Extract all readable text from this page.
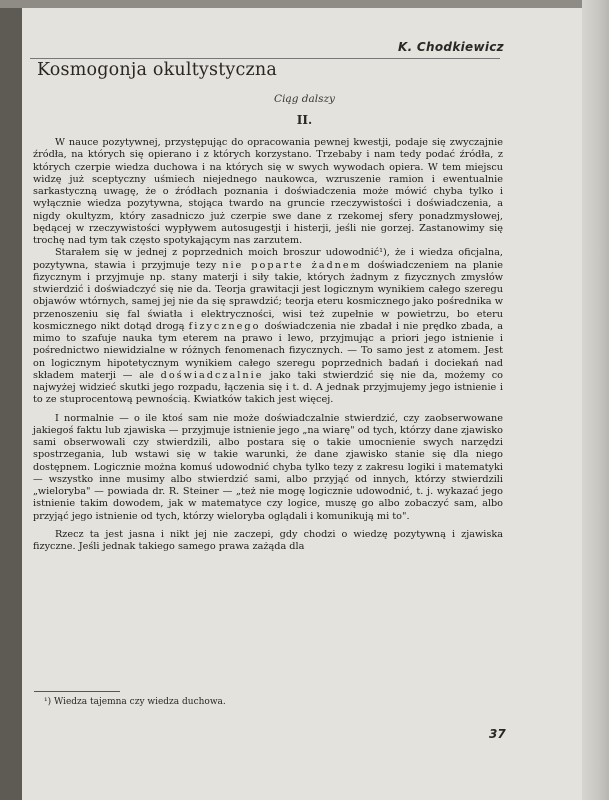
K. Chodkiewicz
Kosmogonja okultystyczna
Ciąg dalszy
II.

W nauce pozytywnej, przystępując do opracowania pewnej kwestji, podaje się zwyczajnie źródła, na których się opierano i z których korzystano. Trzebaby i nam tedy podać źródła, z których czerpie wiedza duchowa i na których się w swych wywodach opiera. W tem miejscu widzę już sceptyczny uśmiech niejednego naukowca, wzruszenie ramion i ewentualnie sarkastyczną uwagę, że o źródłach poznania i doświadczenia może mówić chyba tylko i wyłącznie wiedza pozytywna, stojąca twardo na gruncie rzeczywistości i doświadczenia, a nigdy okultyzm, który zasadniczo już czerpie swe dane z rzekomej sfery ponadzmysłowej, będącej w rzeczywistości wypływem autosugestji i histerji, jeśli nie gorzej. Zastanowimy się trochę nad tym tak często spotykającym nas zarzutem.

Starałem się w jednej z poprzednich moich broszur udowodnić¹), że i wiedza oficjalna, pozytywna, stawia i przyjmuje tezy nie poparte żadnem doświadczeniem na planie fizycznym i przyjmuje np. stany materji i siły takie, których żadnym z fizycznych zmysłów stwierdzić i doświadczyć się nie da. Teorja grawitacji jest logicznym wynikiem całego szeregu objawów wtórnych, samej jej nie da się sprawdzić; teorja eteru kosmicznego jako pośrednika w przenoszeniu się fal światła i elektryczności, wisi też zupełnie w powietrzu, bo eteru kosmicznego nikt dotąd drogą fizycznego doświadczenia nie zbadał i nie prędko zbada, a mimo to szafuje nauka tym eterem na prawo i lewo, przyjmując a priori jego istnienie i pośrednictwo niewidzialne w różnych fenomenach fizycznych. — To samo jest z atomem. Jest on logicznym hipotetycznym wynikiem całego szeregu poprzednich badań i dociekań nad składem materji — ale doświadczalnie jako taki stwierdzić się nie da, możemy co najwyżej widzieć skutki jego rozpadu, łączenia się i t. d. A jednak przyjmujemy jego istnienie i to ze stuprocentową pewnością. Kwiatków takich jest więcej.

I normalnie — o ile ktoś sam nie może doświadczalnie stwierdzić, czy zaobserwowane jakiegoś faktu lub zjawiska — przyjmuje istnienie jego „na wiarę" od tych, którzy dane zjawisko sami obserwowali czy stwierdzili, albo postara się o takie umocnienie swych narzędzi spostrzegania, lub wstawi się w takie warunki, że dane zjawisko stanie się dla niego dostępnem. Logicznie można komuś udowodnić chyba tylko tezy z zakresu logiki i matematyki — wszystko inne musimy albo stwierdzić sami, albo przyjąć od innych, którzy stwierdzili „wieloryba" — powiada dr. R. Steiner — „też nie mogę logicznie udowodnić, t. j. wykazać jego istnienie takim dowodem, jak w matematyce czy logice, muszę go albo zobaczyć sam, albo przyjąć jego istnienie od tych, którzy wieloryba oglądali i komunikują mi to".

Rzecz ta jest jasna i nikt jej nie zaczepi, gdy chodzi o wiedzę pozytywną i zjawiska fizyczne. Jeśli jednak takiego samego prawa zażąda dla

¹) Wiedza tajemna czy wiedza duchowa.
37
